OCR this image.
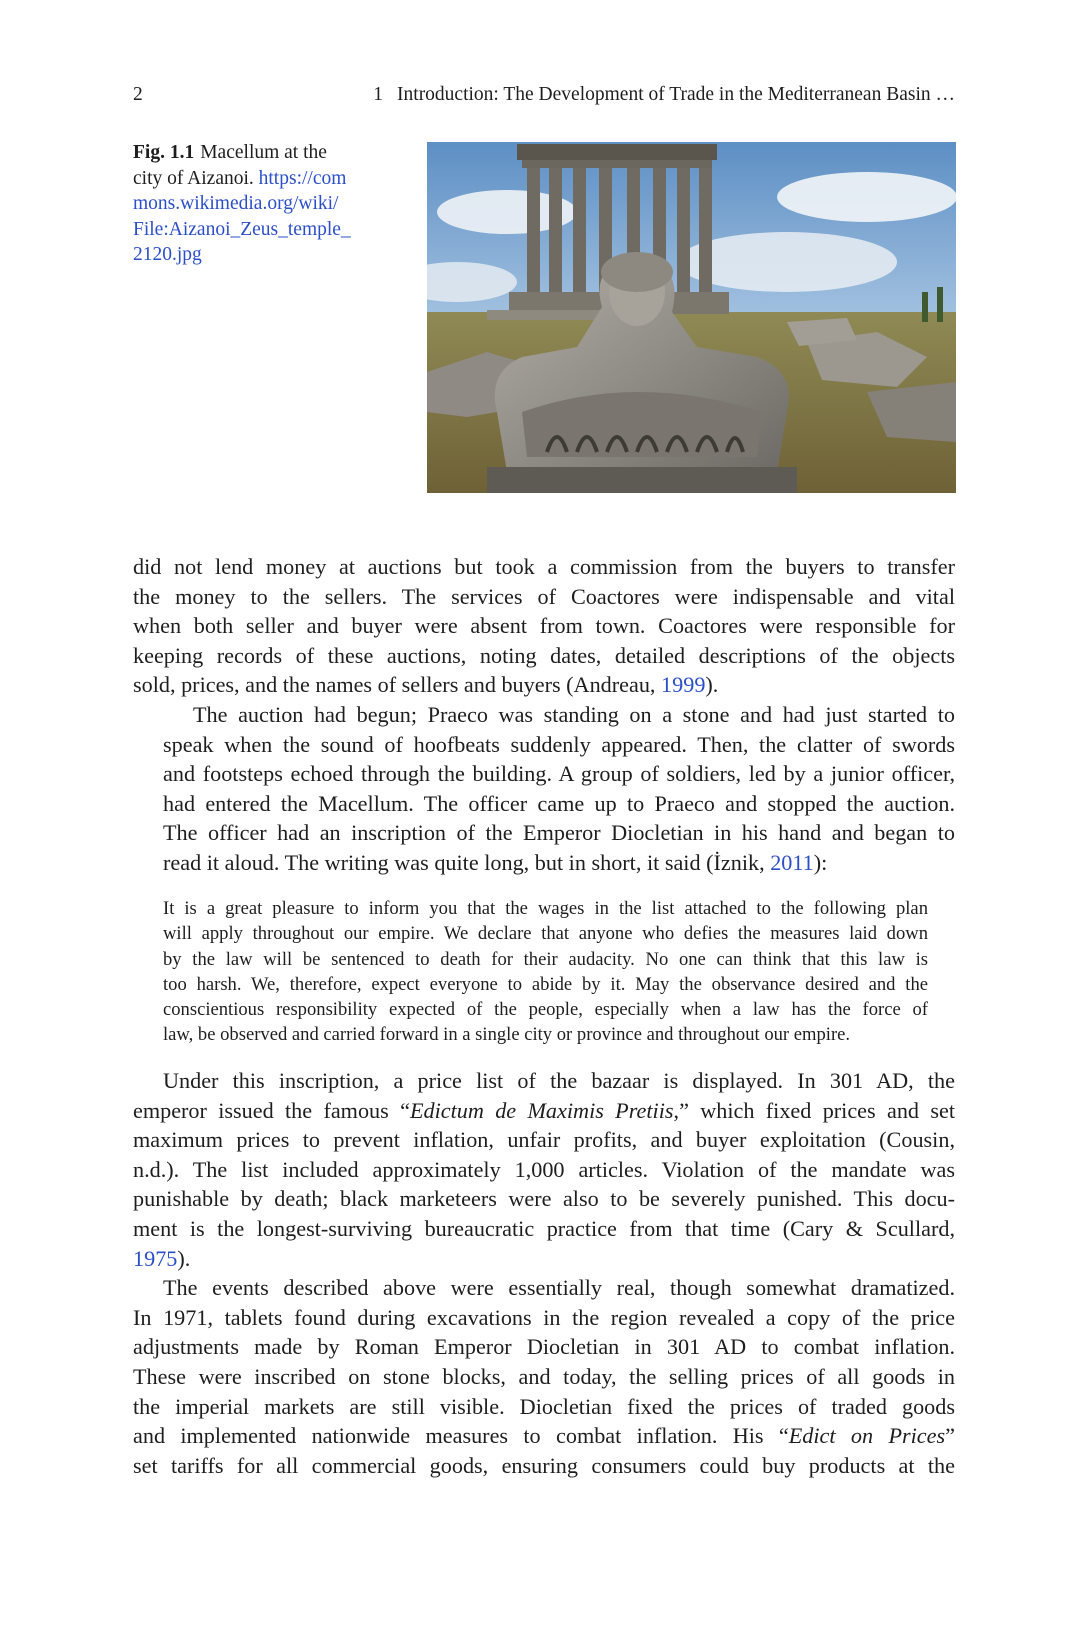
2	1 Introduction: The Development of Trade in the Mediterranean Basin …
Fig. 1.1 Macellum at the
city of Aizanoi. https://com
mons.wikimedia.org/wiki/
File:Aizanoi_Zeus_temple_
2120.jpg

did not lend money at auctions but took a commission from the buyers to transfer
the money to the sellers. The services of Coactores were indispensable and vital
when both seller and buyer were absent from town. Coactores were responsible for
keeping records of these auctions, noting dates, detailed descriptions of the objects
sold, prices, and the names of sellers and buyers (Andreau, 1999).

The auction had begun; Praeco was standing on a stone and had just started to
speak when the sound of hoofbeats suddenly appeared. Then, the clatter of swords
and footsteps echoed through the building. A group of soldiers, led by a junior officer,
had entered the Macellum. The officer came up to Praeco and stopped the auction.
The officer had an inscription of the Emperor Diocletian in his hand and began to
read it aloud. The writing was quite long, but in short, it said (İznik, 2011):

It is a great pleasure to inform you that the wages in the list attached to the following plan
will apply throughout our empire. We declare that anyone who defies the measures laid down
by the law will be sentenced to death for their audacity. No one can think that this law is
too harsh. We, therefore, expect everyone to abide by it. May the observance desired and the
conscientious responsibility expected of the people, especially when a law has the force of
law, be observed and carried forward in a single city or province and throughout our empire.

Under this inscription, a price list of the bazaar is displayed. In 301 AD, the
emperor issued the famous “Edictum de Maximis Pretiis,” which fixed prices and set
maximum prices to prevent inflation, unfair profits, and buyer exploitation (Cousin,
n.d.). The list included approximately 1,000 articles. Violation of the mandate was
punishable by death; black marketeers were also to be severely punished. This docu-
ment is the longest-surviving bureaucratic practice from that time (Cary & Scullard,
1975).

The events described above were essentially real, though somewhat dramatized.
In 1971, tablets found during excavations in the region revealed a copy of the price
adjustments made by Roman Emperor Diocletian in 301 AD to combat inflation.
These were inscribed on stone blocks, and today, the selling prices of all goods in
the imperial markets are still visible. Diocletian fixed the prices of traded goods
and implemented nationwide measures to combat inflation. His “Edict on Prices”
set tariffs for all commercial goods, ensuring consumers could buy products at the
